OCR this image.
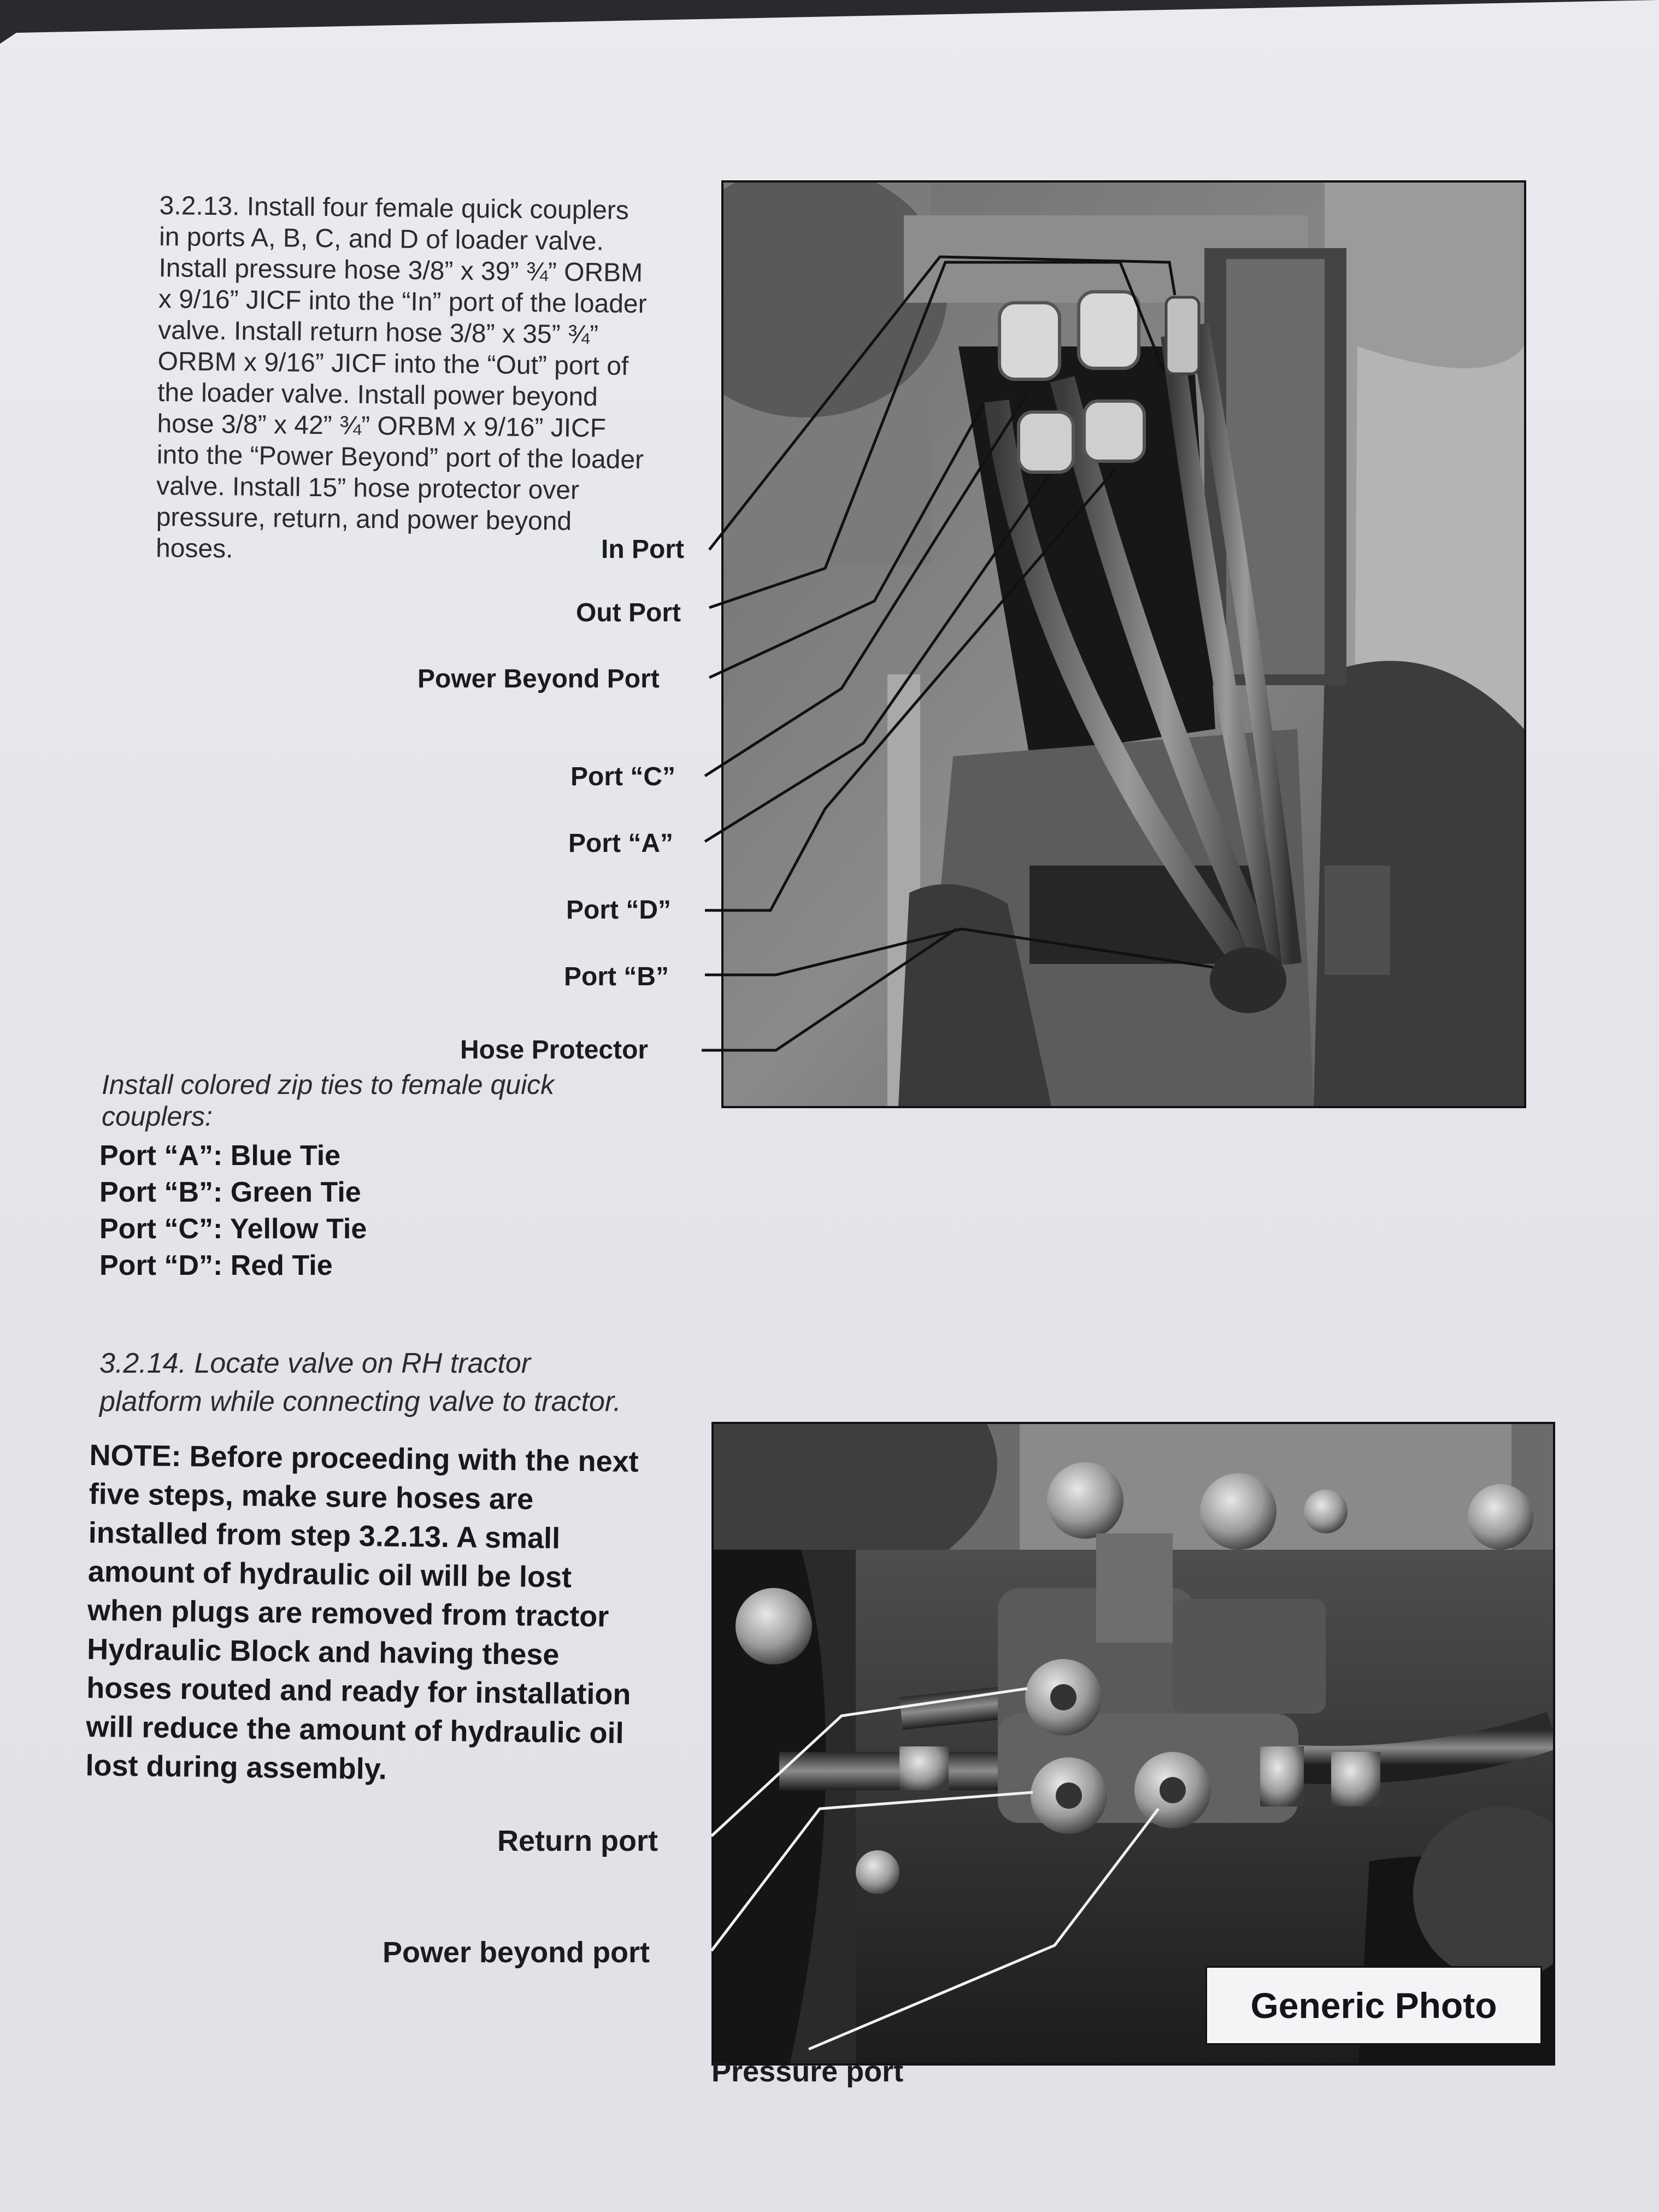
3.2.13. Install four female quick couplers
in ports A, B, C, and D of loader valve.
Install pressure hose 3/8” x 39” ¾” ORBM
x 9/16” JICF into the “In” port of the loader
valve. Install return hose 3/8” x 35” ¾”
ORBM x 9/16” JICF into the “Out” port of
the loader valve. Install power beyond
hose 3/8” x 42” ¾” ORBM x 9/16” JICF
into the “Power Beyond” port of the loader
valve. Install 15” hose protector over
pressure, return, and power beyond
hoses.	In Port
Out Port
Power Beyond Port
Port “C”
Port “A”
Port “D”
Port “B”
Hose Protector
Install colored zip ties to female quick
couplers:
Port “A”: Blue Tie
Port “B”: Green Tie
Port “C”: Yellow Tie
Port “D”: Red Tie
3.2.14. Locate valve on RH tractor
platform while connecting valve to tractor.
NOTE: Before proceeding with the next
five steps, make sure hoses are
installed from step 3.2.13. A small
amount of hydraulic oil will be lost
when plugs are removed from tractor
Hydraulic Block and having these
hoses routed and ready for installation
will reduce the amount of hydraulic oil
lost during assembly.
Generic Photo
Return port
Power beyond port
Pressure port
